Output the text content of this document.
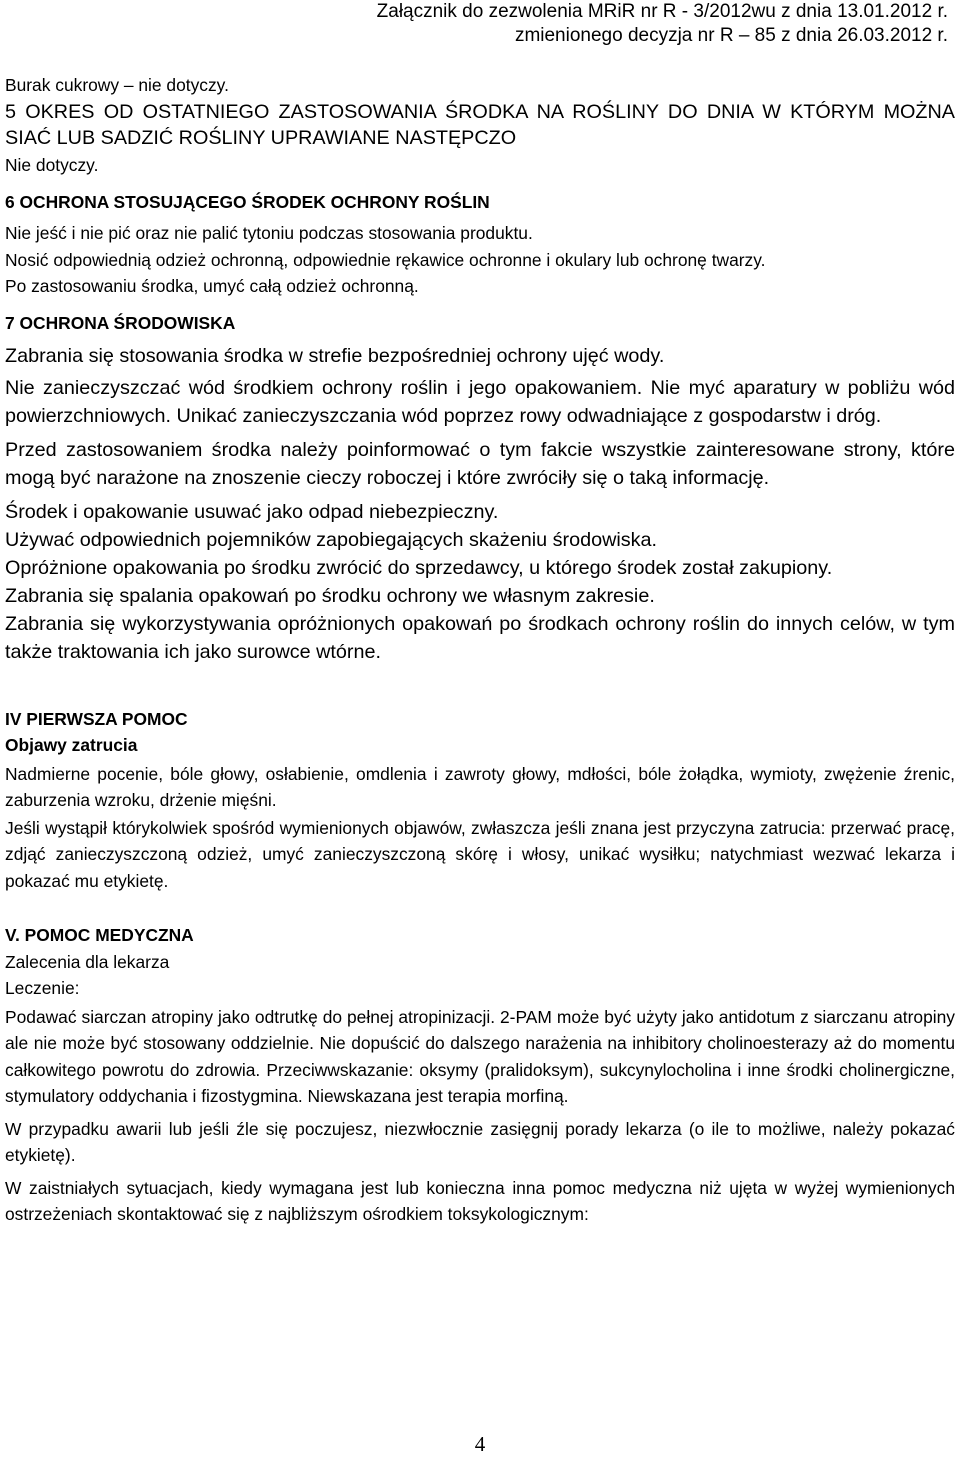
Załącznik do zezwolenia MRiR nr R - 3/2012wu z dnia 13.01.2012 r.
zmienionego decyzja nr R – 85 z dnia 26.03.2012 r.

Burak cukrowy – nie dotyczy.

5 OKRES OD OSTATNIEGO ZASTOSOWANIA ŚRODKA NA ROŚLINY DO DNIA W KTÓRYM MOŻNA SIAĆ LUB SADZIĆ ROŚLINY UPRAWIANE NASTĘPCZO

Nie dotyczy.

6 OCHRONA STOSUJĄCEGO ŚRODEK OCHRONY ROŚLIN

Nie jeść i nie pić oraz nie palić tytoniu podczas stosowania produktu.

Nosić odpowiednią odzież ochronną, odpowiednie rękawice ochronne i okulary lub ochronę twarzy.

Po zastosowaniu środka, umyć całą odzież ochronną.

7 OCHRONA ŚRODOWISKA

Zabrania się stosowania środka w strefie bezpośredniej ochrony ujęć wody.

Nie zanieczyszczać wód środkiem ochrony roślin i jego opakowaniem. Nie myć aparatury w pobliżu wód powierzchniowych. Unikać zanieczyszczania wód poprzez rowy odwadniające z gospodarstw i dróg.

Przed zastosowaniem środka należy poinformować o tym fakcie wszystkie zainteresowane strony, które mogą być narażone na znoszenie cieczy roboczej i które zwróciły się o taką informację.

Środek i opakowanie usuwać jako odpad niebezpieczny.

Używać odpowiednich pojemników zapobiegających skażeniu środowiska.

Opróżnione opakowania po środku zwrócić do sprzedawcy, u którego środek został zakupiony.

Zabrania się spalania opakowań po środku ochrony we własnym zakresie.

Zabrania się wykorzystywania opróżnionych opakowań po środkach ochrony roślin do innych celów, w tym także traktowania ich jako surowce wtórne.

IV PIERWSZA POMOC

Objawy zatrucia

Nadmierne pocenie, bóle głowy, osłabienie, omdlenia i zawroty głowy, mdłości, bóle żołądka, wymioty, zwężenie źrenic, zaburzenia wzroku, drżenie mięśni.

Jeśli wystąpił którykolwiek spośród wymienionych objawów, zwłaszcza jeśli znana jest przyczyna zatrucia: przerwać pracę, zdjąć zanieczyszczoną odzież, umyć zanieczyszczoną skórę i włosy, unikać wysiłku; natychmiast wezwać lekarza i pokazać mu etykietę.

V. POMOC MEDYCZNA

Zalecenia dla lekarza

Leczenie:

Podawać siarczan atropiny jako odtrutkę do pełnej atropinizacji. 2-PAM może być użyty jako antidotum z siarczanu atropiny ale nie może być stosowany oddzielnie. Nie dopuścić do dalszego narażenia na inhibitory cholinoesterazy aż do momentu całkowitego powrotu do zdrowia. Przeciwwskazanie: oksymy (pralidoksym), sukcynylocholina i inne środki cholinergiczne, stymulatory oddychania i fizostygmina. Niewskazana jest terapia morfiną.

W przypadku awarii lub jeśli źle się poczujesz, niezwłocznie zasięgnij porady lekarza (o ile to możliwe, należy pokazać etykietę).

W zaistniałych sytuacjach, kiedy wymagana jest lub konieczna inna pomoc medyczna niż ujęta w wyżej wymienionych ostrzeżeniach skontaktować się z najbliższym ośrodkiem toksykologicznym:

4
